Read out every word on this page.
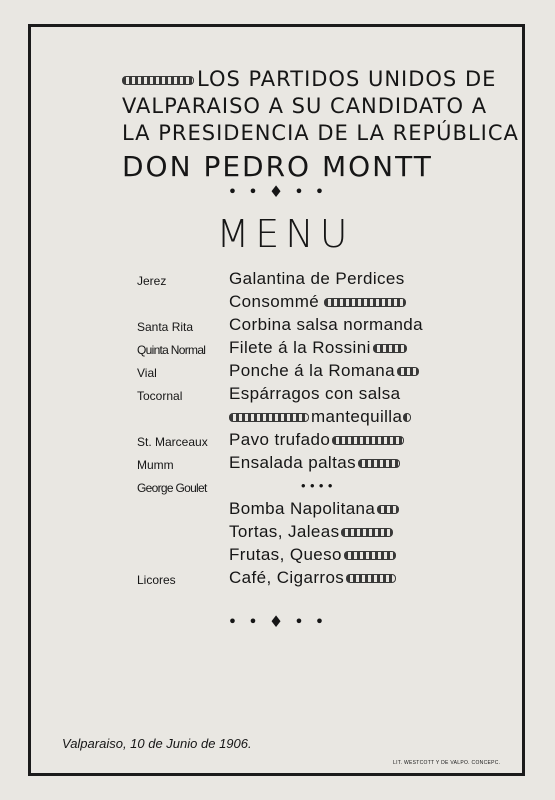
LOS PARTIDOS UNIDOS DE
VALPARAISO A SU CANDIDATO A
LA PRESIDENCIA DE LA REPÚBLICA
DON PEDRO MONTT
• • ♦ • •
MENU
Jerez	Galantina de Perdices
Consommé
Santa Rita	Corbina salsa normanda
Quinta Normal	Filete á la Rossini
Vial	Ponche á la Romana
Tocornal	Espárragos con salsa
mantequilla
St. Marceaux	Pavo trufado
Mumm	Ensalada paltas
George Goulet	• • • •
Bomba Napolitana
Tortas, Jaleas
Frutas, Queso
Licores	Café, Cigarros
• • ♦ • •
Valparaiso, 10 de Junio de 1906.
LIT. WESTCOTT Y DE VALPO. CONCEPC.
